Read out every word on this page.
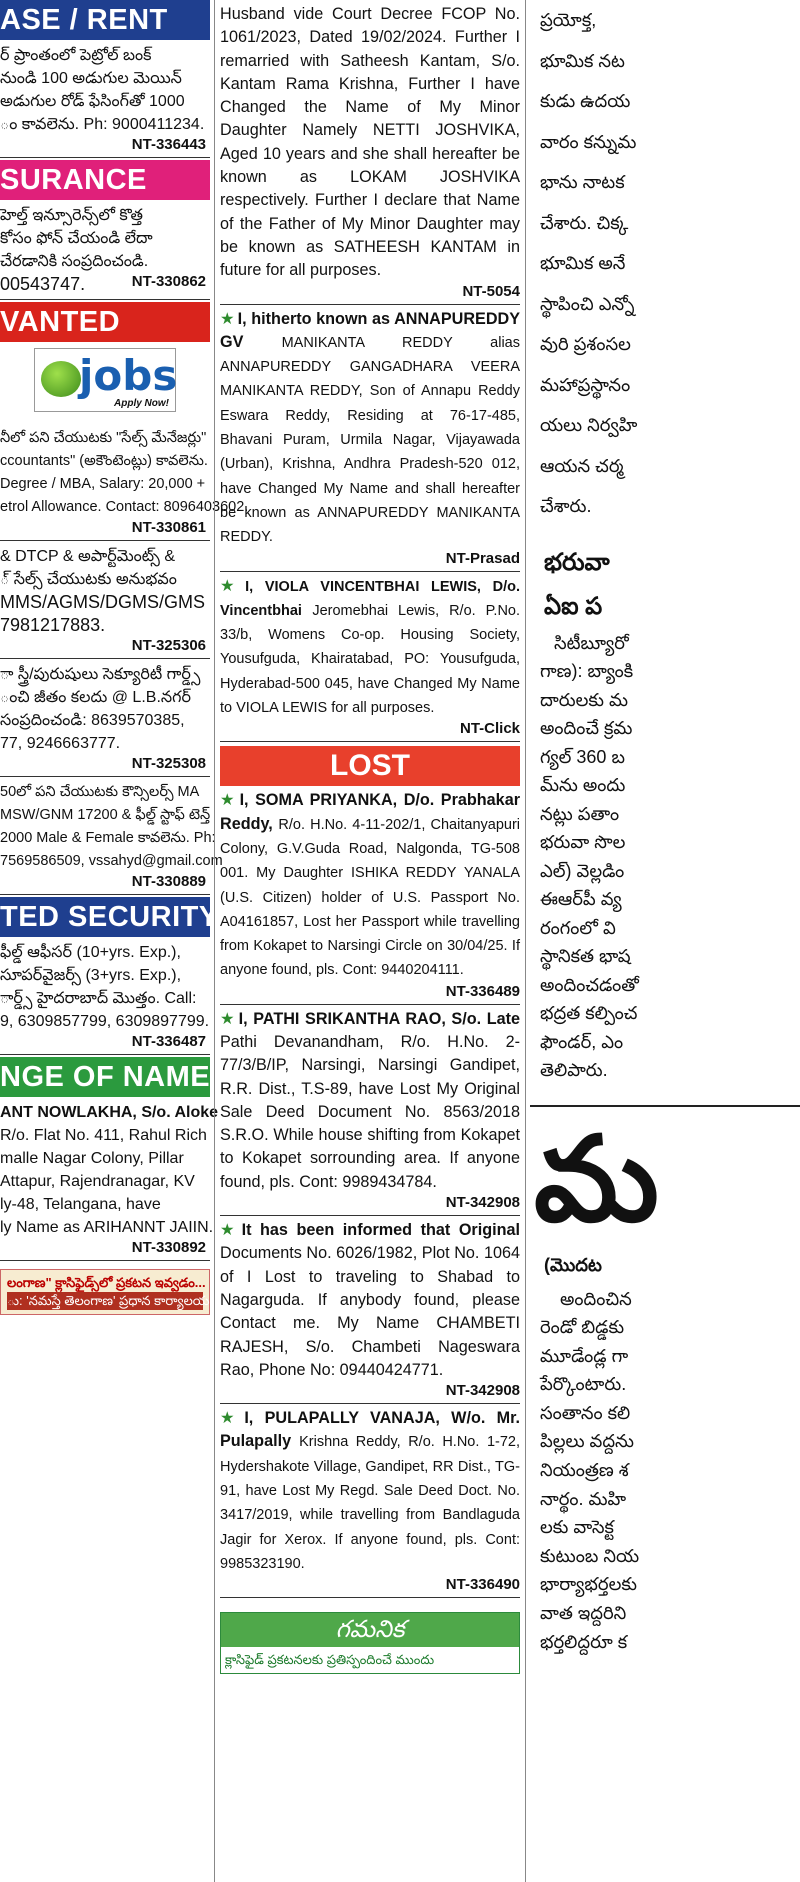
ASE / RENT

ర్ ప్రాంతంలో పెట్రోల్ బంక్

నుండి 100 అడుగుల మెయిన్

అడుగుల రోడ్ ఫేసింగ్‌తో 1000

ం కావలెను. Ph: 9000411234.

NT-336443
SURANCE

హెల్త్ ఇన్సూరెన్స్‌లో కొత్త

కోసం ఫోన్ చేయండి లేదా

చేరడానికి సంప్రదించండి.

00543747.	NT-330862
VANTED
jobs
Apply Now!

నీలో పని చేయుటకు "సేల్స్ మేనేజర్లు"

ccountants" (అకౌంటెంట్లు) కావలెను.

Degree / MBA, Salary: 20,000 +

etrol Allowance. Contact: 8096403602.

NT-330861

& DTCP & అపార్ట్‌మెంట్స్ &

్ సేల్స్ చేయుటకు అనుభవం

MMS/AGMS/DGMS/GMS

7981217883.

NT-325306

ా స్త్రీ/పురుషులు సెక్యూరిటీ గార్డ్స్

ంచి జీతం కలదు @ L.B.నగర్

సంప్రదించండి: 8639570385,

77, 9246663777.

NT-325308

50లో పని చేయుటకు కౌన్సిలర్స్ MA

MSW/GNM 17200 & ఫీల్డ్ స్టాఫ్ టెన్త్

2000 Male & Female కావలెను. Ph:

7569586509, vssahyd@gmail.com

NT-330889
TED SECURITY

ఫీల్డ్ ఆఫీసర్ (10+yrs. Exp.),

సూపర్‌వైజర్స్ (3+yrs. Exp.),

ార్డ్స్ హైదరాబాద్ మొత్తం. Call:

9, 6309857799, 6309897799.

NT-336487
NGE OF NAME

ANT NOWLAKHA, S/o. Aloke

R/o. Flat No. 411, Rahul Rich

malle Nagar Colony, Pillar

Attapur, Rajendranagar, KV

ly-48, Telangana, have

ly Name as ARIHANNT JAIIN.

NT-330892
లంగాణ" క్లాసిఫైడ్స్‌లో ప్రకటన ఇవ్వడం...
ు: 'నమస్తే తెలంగాణ' ప్రధాన కార్యాలయం,
Husband vide Court Decree FCOP No. 1061/2023, Dated 19/02/2024. Further I remarried with Satheesh Kantam, S/o. Kantam Rama Krishna, Further I have Changed the Name of My Minor Daughter Namely NETTI JOSHVIKA, Aged 10 years and she shall hereafter be known as LOKAM JOSHVIKA respectively. Further I declare that Name of the Father of My Minor Daughter may be known as SATHEESH KANTAM in future for all purposes.
NT-5054
★ I, hitherto known as ANNAPUREDDY GV	MANIKANTA REDDY alias ANNAPUREDDY GANGADHARA VEERA MANIKANTA REDDY, Son of Annapu Reddy Eswara Reddy, Residing at 76-17-485, Bhavani Puram, Urmila Nagar, Vijayawada (Urban), Krishna, Andhra Pradesh-520 012, have Changed My Name and shall hereafter be known as ANNAPUREDDY MANIKANTA REDDY.
NT-Prasad
★ I, VIOLA VINCENTBHAI LEWIS, D/o. Vincentbhai Jeromebhai Lewis, R/o. P.No. 33/b, Womens Co-op. Housing Society, Yousufguda, Khairatabad, PO: Yousufguda, Hyderabad-500 045, have Changed My Name to VIOLA LEWIS for all purposes.
NT-Click
LOST
★ I, SOMA PRIYANKA, D/o. Prabhakar Reddy, R/o. H.No. 4-11-202/1, Chaitanyapuri Colony, G.V.Guda Road, Nalgonda, TG-508 001. My Daughter ISHIKA REDDY YANALA (U.S. Citizen) holder of U.S. Passport No. A04161857, Lost her Passport while travelling from Kokapet to Narsingi Circle on 30/04/25. If anyone found, pls. Cont: 9440204111.
NT-336489
★ I, PATHI SRIKANTHA RAO, S/o. Late Pathi Devanandham, R/o. H.No. 2-77/3/B/IP, Narsingi, Narsingi Gandipet, R.R. Dist., T.S-89, have Lost My Original Sale Deed Document No. 8563/2018 S.R.O. While house shifting from Kokapet to Kokapet sorrounding area. If anyone found, pls. Cont: 9989434784.
NT-342908
★ It has been informed that Original Documents No. 6026/1982, Plot No. 1064 of I Lost to traveling to Shabad to Nagarguda. If anybody found, please Contact me. My Name CHAMBETI RAJESH, S/o. Chambeti Nageswara Rao, Phone No: 09440424771.
NT-342908
★ I, PULAPALLY VANAJA, W/o. Mr. Pulapally Krishna Reddy, R/o. H.No. 1-72, Hydershakote Village, Gandipet, RR Dist., TG-91, have Lost My Regd. Sale Deed Doct. No. 3417/2019, while travelling from Bandlaguda Jagir for Xerox. If anyone found, pls. Cont: 9985323190.
NT-336490
గమనిక
క్లాసిఫైడ్ ప్రకటనలకు ప్రతిస్పందించే ముందు
ప్రయోక్త,
భూమిక నట
కుడు ఉదయ
వారం కన్నుమ
భాను నాటక
చేశారు. చిక్క
భూమిక అనే
స్థాపించి ఎన్నో
వురి ప్రశంసల
మహాప్రస్థానం
యలు నిర్వహి
ఆయన చర్మ
చేశారు.
భరువా
ఏఐ ప
సిటీబ్యూరో
గాణ): బ్యాంకి
దారులకు మ
అందించే క్రమ
గ్యల్ 360 బ
మ్‌ను అందు
నట్లు పతాం
భరువా సొల
ఎల్) వెల్లడిం
ఈఆర్‌పీ వ్య
రంగంలో వి
స్థానికత భాష
అందించడంతో
భద్రత కల్పించ
ఫౌండర్, ఎం
తెలిపారు.
మ
(మొదట
అందించిన
రెండో బిడ్డకు
మూడేండ్ల గా
పేర్కొంటారు.
సంతానం కలి
పిల్లలు వద్దను
నియంత్రణ శ
నార్థం. మహి
లకు వాసెక్ట
కుటుంబ నియ
భార్యాభర్తలకు
వాత ఇద్దరిని
భర్తలిద్దరూ క
